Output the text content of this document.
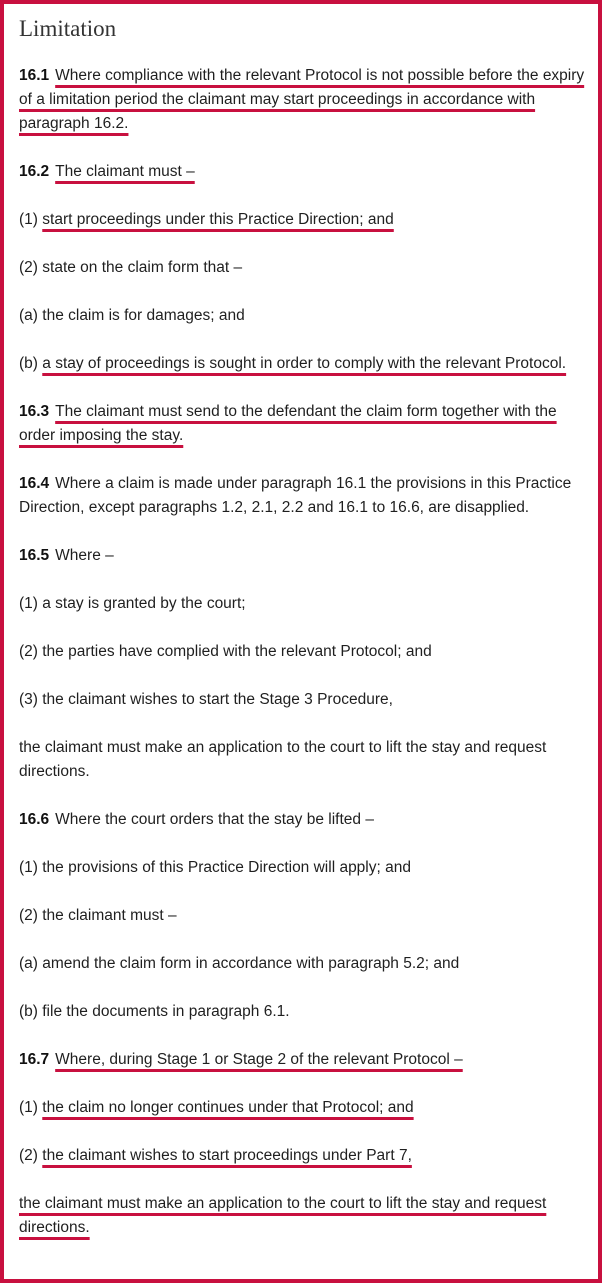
Limitation
16.1 Where compliance with the relevant Protocol is not possible before the expiry of a limitation period the claimant may start proceedings in accordance with paragraph 16.2.
16.2 The claimant must –
(1) start proceedings under this Practice Direction; and
(2) state on the claim form that –
(a) the claim is for damages; and
(b) a stay of proceedings is sought in order to comply with the relevant Protocol.
16.3 The claimant must send to the defendant the claim form together with the order imposing the stay.
16.4 Where a claim is made under paragraph 16.1 the provisions in this Practice Direction, except paragraphs 1.2, 2.1, 2.2 and 16.1 to 16.6, are disapplied.
16.5 Where –
(1) a stay is granted by the court;
(2) the parties have complied with the relevant Protocol; and
(3) the claimant wishes to start the Stage 3 Procedure,
the claimant must make an application to the court to lift the stay and request directions.
16.6 Where the court orders that the stay be lifted –
(1) the provisions of this Practice Direction will apply; and
(2) the claimant must –
(a) amend the claim form in accordance with paragraph 5.2; and
(b) file the documents in paragraph 6.1.
16.7 Where, during Stage 1 or Stage 2 of the relevant Protocol –
(1) the claim no longer continues under that Protocol; and
(2) the claimant wishes to start proceedings under Part 7,
the claimant must make an application to the court to lift the stay and request directions.
